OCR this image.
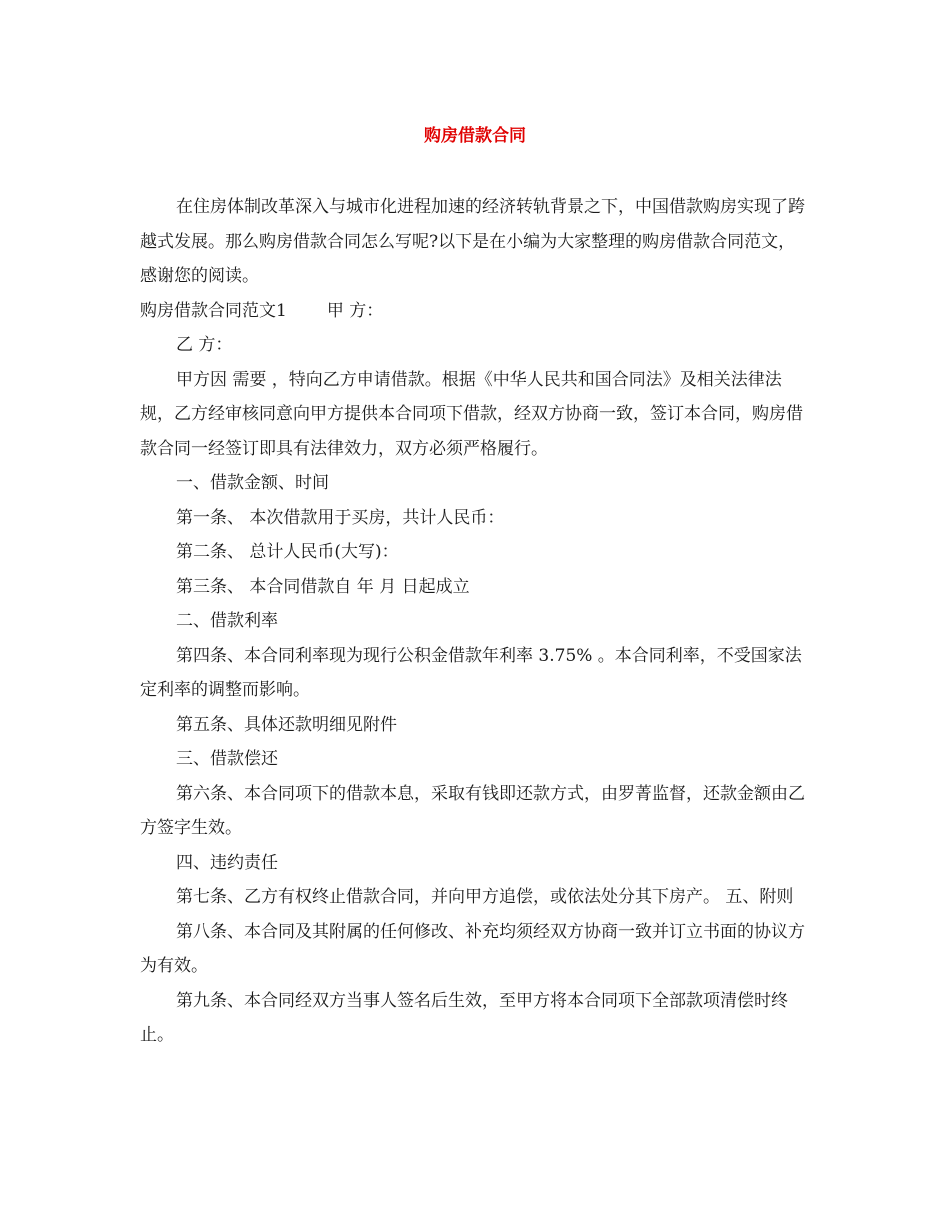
购房借款合同

在住房体制改革深入与城市化进程加速的经济转轨背景之下，中国借款购房实现了跨越式发展。那么购房借款合同怎么写呢?以下是在小编为大家整理的购房借款合同范文，感谢您的阅读。

购房借款合同范文1 甲 方：

乙 方：

甲方因 需要 ，特向乙方申请借款。根据《中华人民共和国合同法》及相关法律法规，乙方经审核同意向甲方提供本合同项下借款，经双方协商一致，签订本合同，购房借款合同一经签订即具有法律效力，双方必须严格履行。

一、借款金额、时间

第一条、 本次借款用于买房，共计人民币：

第二条、 总计人民币(大写)：

第三条、 本合同借款自 年 月 日起成立

二、借款利率

第四条、本合同利率现为现行公积金借款年利率 3.75% 。本合同利率，不受国家法定利率的调整而影响。

第五条、具体还款明细见附件

三、借款偿还

第六条、本合同项下的借款本息，采取有钱即还款方式，由罗菁监督，还款金额由乙方签字生效。

四、违约责任

第七条、乙方有权终止借款合同，并向甲方追偿，或依法处分其下房产。 五、附则

第八条、本合同及其附属的任何修改、补充均须经双方协商一致并订立书面的协议方为有效。

第九条、本合同经双方当事人签名后生效，至甲方将本合同项下全部款项清偿时终止。
